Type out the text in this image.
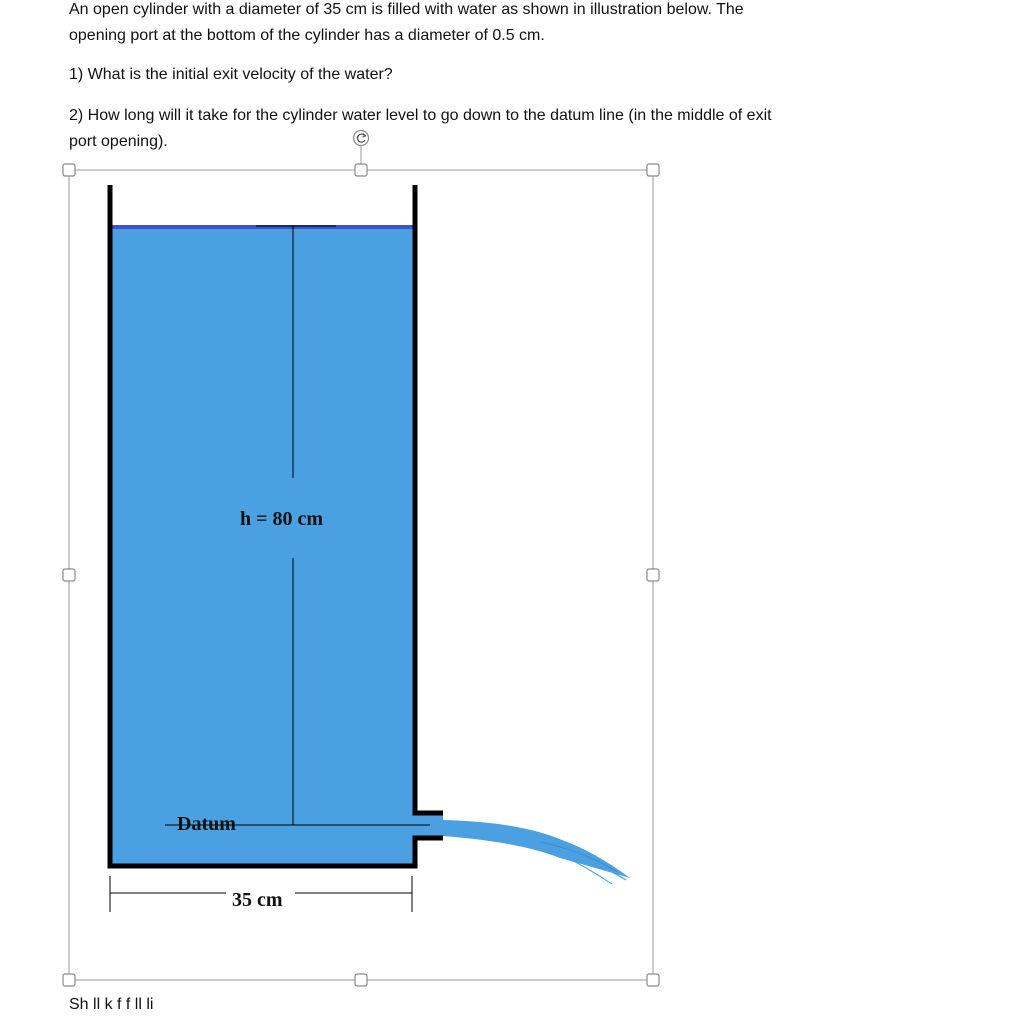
An open cylinder with a diameter of 35 cm is filled with water as shown in illustration below. The
opening port at the bottom of the cylinder has a diameter of 0.5 cm.
1) What is the initial exit velocity of the water?
2) How long will it take for the cylinder water level to go down to the datum line (in the middle of exit
port opening).
h = 80 cm
Datum
35 cm
Sh ll k f f ll li
